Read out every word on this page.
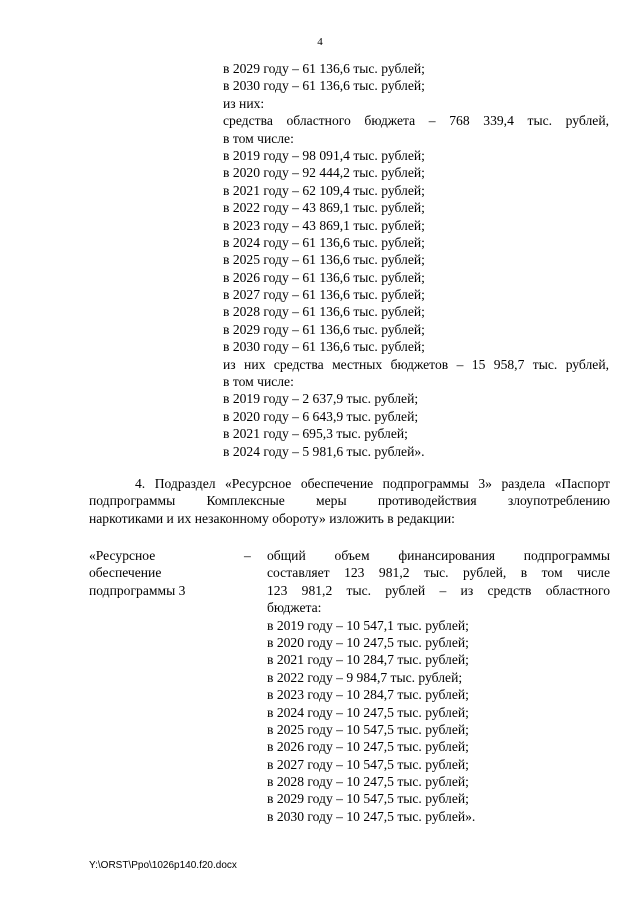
4
в 2029 году – 61 136,6 тыс. рублей;
в 2030 году – 61 136,6 тыс. рублей;
из них:
средства областного бюджета – 768 339,4 тыс. рублей,
в том числе:
в 2019 году – 98 091,4 тыс. рублей;
в 2020 году – 92 444,2 тыс. рублей;
в 2021 году – 62 109,4 тыс. рублей;
в 2022 году – 43 869,1 тыс. рублей;
в 2023 году – 43 869,1 тыс. рублей;
в 2024 году – 61 136,6 тыс. рублей;
в 2025 году – 61 136,6 тыс. рублей;
в 2026 году – 61 136,6 тыс. рублей;
в 2027 году – 61 136,6 тыс. рублей;
в 2028 году – 61 136,6 тыс. рублей;
в 2029 году – 61 136,6 тыс. рублей;
в 2030 году – 61 136,6 тыс. рублей;
из них средства местных бюджетов – 15 958,7 тыс. рублей,
в том числе:
в 2019 году – 2 637,9 тыс. рублей;
в 2020 году – 6 643,9 тыс. рублей;
в 2021 году – 695,3 тыс. рублей;
в 2024 году – 5 981,6 тыс. рублей».
4. Подраздел «Ресурсное обеспечение подпрограммы 3» раздела «Паспорт
подпрограммы Комплексные меры противодействия злоупотреблению
наркотиками и их незаконному обороту» изложить в редакции:
«Ресурсное
обеспечение
подпрограммы 3
– общий объем финансирования подпрограммы
составляет 123 981,2 тыс. рублей, в том числе
123 981,2 тыс. рублей – из средств областного
бюджета:
в 2019 году – 10 547,1 тыс. рублей;
в 2020 году – 10 247,5 тыс. рублей;
в 2021 году – 10 284,7 тыс. рублей;
в 2022 году – 9 984,7 тыс. рублей;
в 2023 году – 10 284,7 тыс. рублей;
в 2024 году – 10 247,5 тыс. рублей;
в 2025 году – 10 547,5 тыс. рублей;
в 2026 году – 10 247,5 тыс. рублей;
в 2027 году – 10 547,5 тыс. рублей;
в 2028 году – 10 247,5 тыс. рублей;
в 2029 году – 10 547,5 тыс. рублей;
в 2030 году – 10 247,5 тыс. рублей».
Y:\ORST\Ppo\1026p140.f20.docx
